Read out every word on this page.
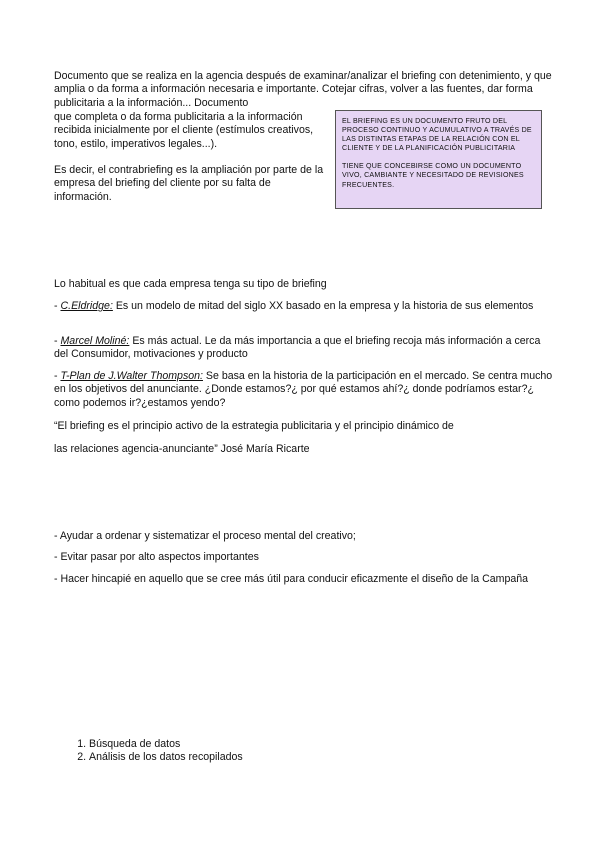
Documento que se realiza en la agencia después de examinar/analizar el briefing con detenimiento, y que amplia o da forma a información necesaria e importante. Cotejar cifras, volver a las fuentes, dar forma publicitaria a la información... Documento
que completa o da forma publicitaria a la información recibida inicialmente por el cliente (estímulos creativos, tono, estilo, imperativos legales...).
Es decir, el contrabriefing es la ampliación por parte de la empresa del briefing del cliente por su falta de información.

EL BRIEFING ES UN DOCUMENTO FRUTO DEL PROCESO CONTINUO Y ACUMULATIVO A TRAVÉS DE LAS DISTINTAS ETAPAS DE LA RELACIÓN CON EL CLIENTE Y DE LA PLANIFICACIÓN PUBLICITARIA

TIENE QUE CONCEBIRSE COMO UN DOCUMENTO VIVO, CAMBIANTE Y NECESITADO DE REVISIONES FRECUENTES.

Lo habitual es que cada empresa tenga su tipo de briefing
- C.Eldridge: Es un modelo de mitad del siglo XX basado en la empresa y la historia de sus elementos
- Marcel Moliné: Es más actual. Le da más importancia a que el briefing recoja más información a cerca del Consumidor, motivaciones y producto
- T-Plan de J.Walter Thompson: Se basa en la historia de la participación en el mercado. Se centra mucho en los objetivos del anunciante. ¿Donde estamos?¿ por qué estamos ahí?¿ donde podríamos estar?¿ como podemos ir?¿estamos yendo?
“El briefing es el principio activo de la estrategia publicitaria y el principio dinámico de
las relaciones agencia-anunciante” José María Ricarte
- Ayudar a ordenar y sistematizar el proceso mental del creativo;
- Evitar pasar por alto aspectos importantes
- Hacer hincapié en aquello que se cree más útil para conducir eficazmente el diseño de la Campaña
1. Búsqueda de datos
2. Análisis de los datos recopilados
